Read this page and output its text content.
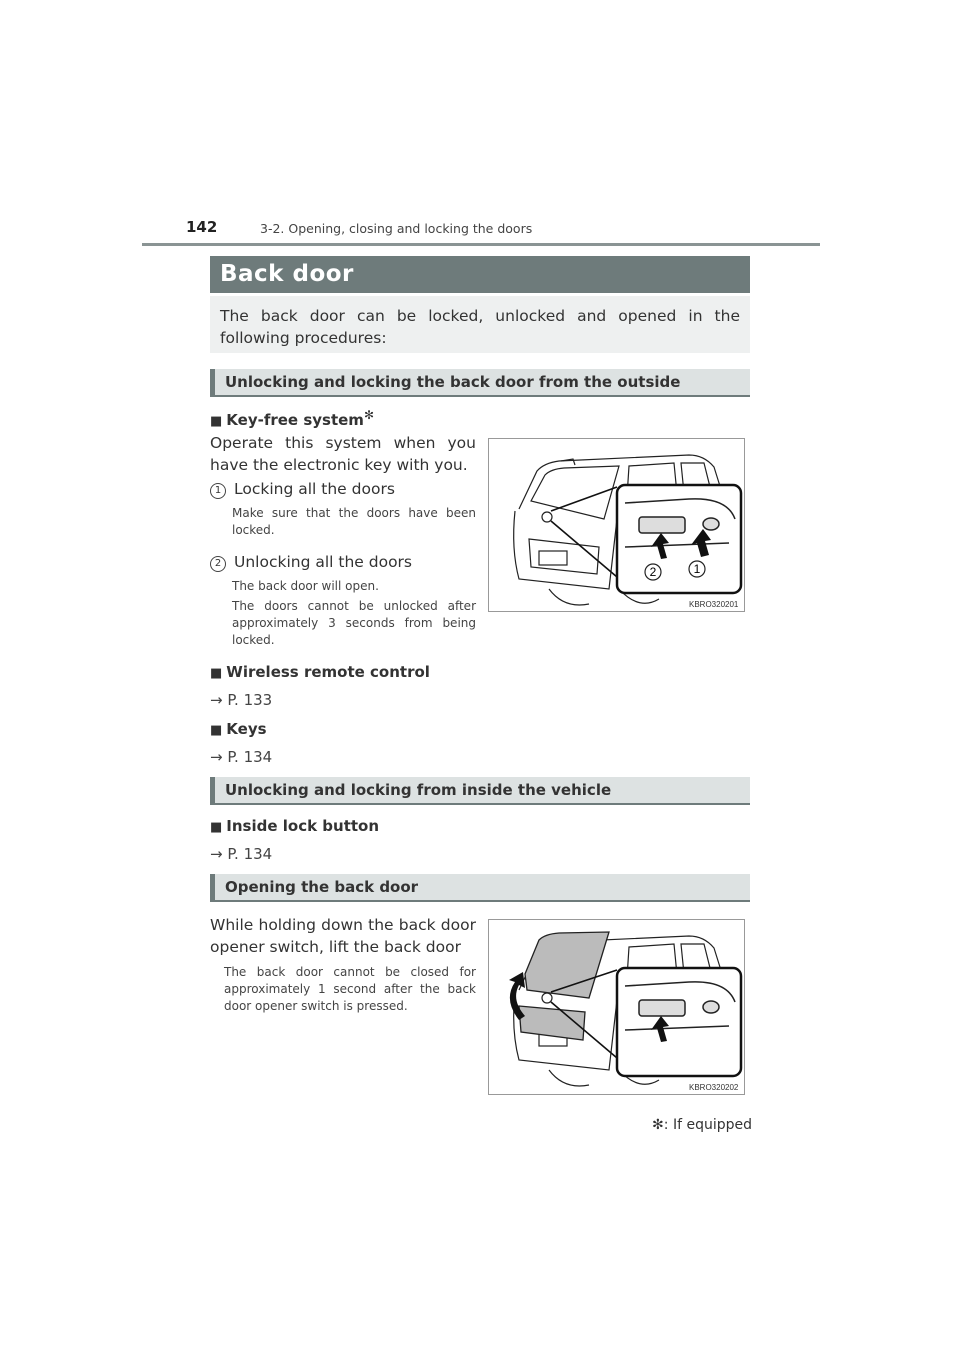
142	3-2. Opening, closing and locking the doors
Back door
The back door can be locked, unlocked and opened in the following procedures:
Unlocking and locking the back door from the outside
■ Key-free system✻
Operate this system when you have the electronic key with you.
1 Locking all the doors
Make sure that the doors have been locked.
2 Unlocking all the doors
The back door will open.
The doors cannot be unlocked after approximately 3 seconds from being locked.
2	1
KBRO320201
■ Wireless remote control
→ P. 133
■ Keys
→ P. 134
Unlocking and locking from inside the vehicle
■ Inside lock button
→ P. 134
Opening the back door
While holding down the back door opener switch, lift the back door
The back door cannot be closed for approximately 1 second after the back door opener switch is pressed.
KBRO320202
✻: If equipped
